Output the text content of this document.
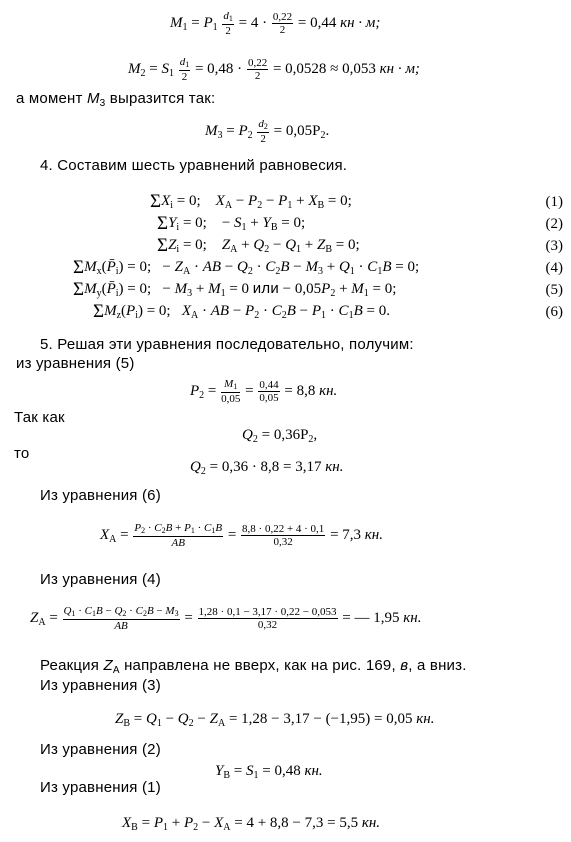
$M_1 = P_1 \frac{d_1}{2} = 4 \cdot \frac{0,22}{2} = 0,44$ кн · м;
$M_2 = S_1 \frac{d_1}{2} = 0,48 \cdot \frac{0,22}{2} = 0,0528 \approx 0,053$ кн · м;
а момент $M_3$ выразится так:
$M_3 = P_2 \frac{d_2}{2} = 0,05P_2$.
4. Составим шесть уравнений равновесия.
$\Sigma X_i = 0$;    $X_A - P_2 - P_1 + X_B = 0$;	(1)
$\Sigma Y_i = 0$;    − $S_1 + Y_B = 0$;	(2)
$\Sigma Z_i = 0$;    $Z_A + Q_2 - Q_1 + Z_B = 0$;	(3)
$\Sigma M_x(P̄_i) = 0$;   − $Z_A$ · AB − $Q_2 \cdot C_2B - M_3 + Q_1 \cdot C_1B = 0$;	(4)
$\Sigma M_y(P̄_i) = 0$;   − $M_3 + M_1 = 0$ или − $0,05P_2 + M_1 = 0$;	(5)
$\Sigma M_z(P_i) = 0$;   $X_A$ · AB − $P_2 \cdot C_2B - P_1 \cdot C_1B = 0$.	(6)
5. Решая эти уравнения последовательно, получим:
из уравнения (5)
$P_2 = \frac{M_1}{0,05} = \frac{0,44}{0,05} = 8,8$ кн.
Так как
$Q_2 = 0,36P_2$,
то
$Q_2 = 0,36 \cdot 8,8 = 3,17$ кн.
Из уравнения (6)
$X_A = \frac{P_2 \cdot C_2B + P_1 \cdot C_1B}{AB} = \frac{8,8 \cdot 0,22 + 4 \cdot 0,1}{0,32} = 7,3$ кн.
Из уравнения (4)
$Z_A = \frac{Q_1 \cdot C_1B - Q_2 \cdot C_2B - M_3}{AB} = \frac{1,28 \cdot 0,1 - 3,17 \cdot 0,22 - 0,053}{0,32}$ = — 1,95 кн.
Реакция $Z_A$ направлена не вверх, как на рис. 169, в, а вниз.
Из уравнения (3)
$Z_B = Q_1 - Q_2 - Z_A = 1,28 - 3,17 - (-1,95) = 0,05$ кн.
Из уравнения (2)
$Y_B = S_1 = 0,48$ кн.
Из уравнения (1)
$X_B = P_1 + P_2 - X_A = 4 + 8,8 - 7,3 = 5,5$ кн.
